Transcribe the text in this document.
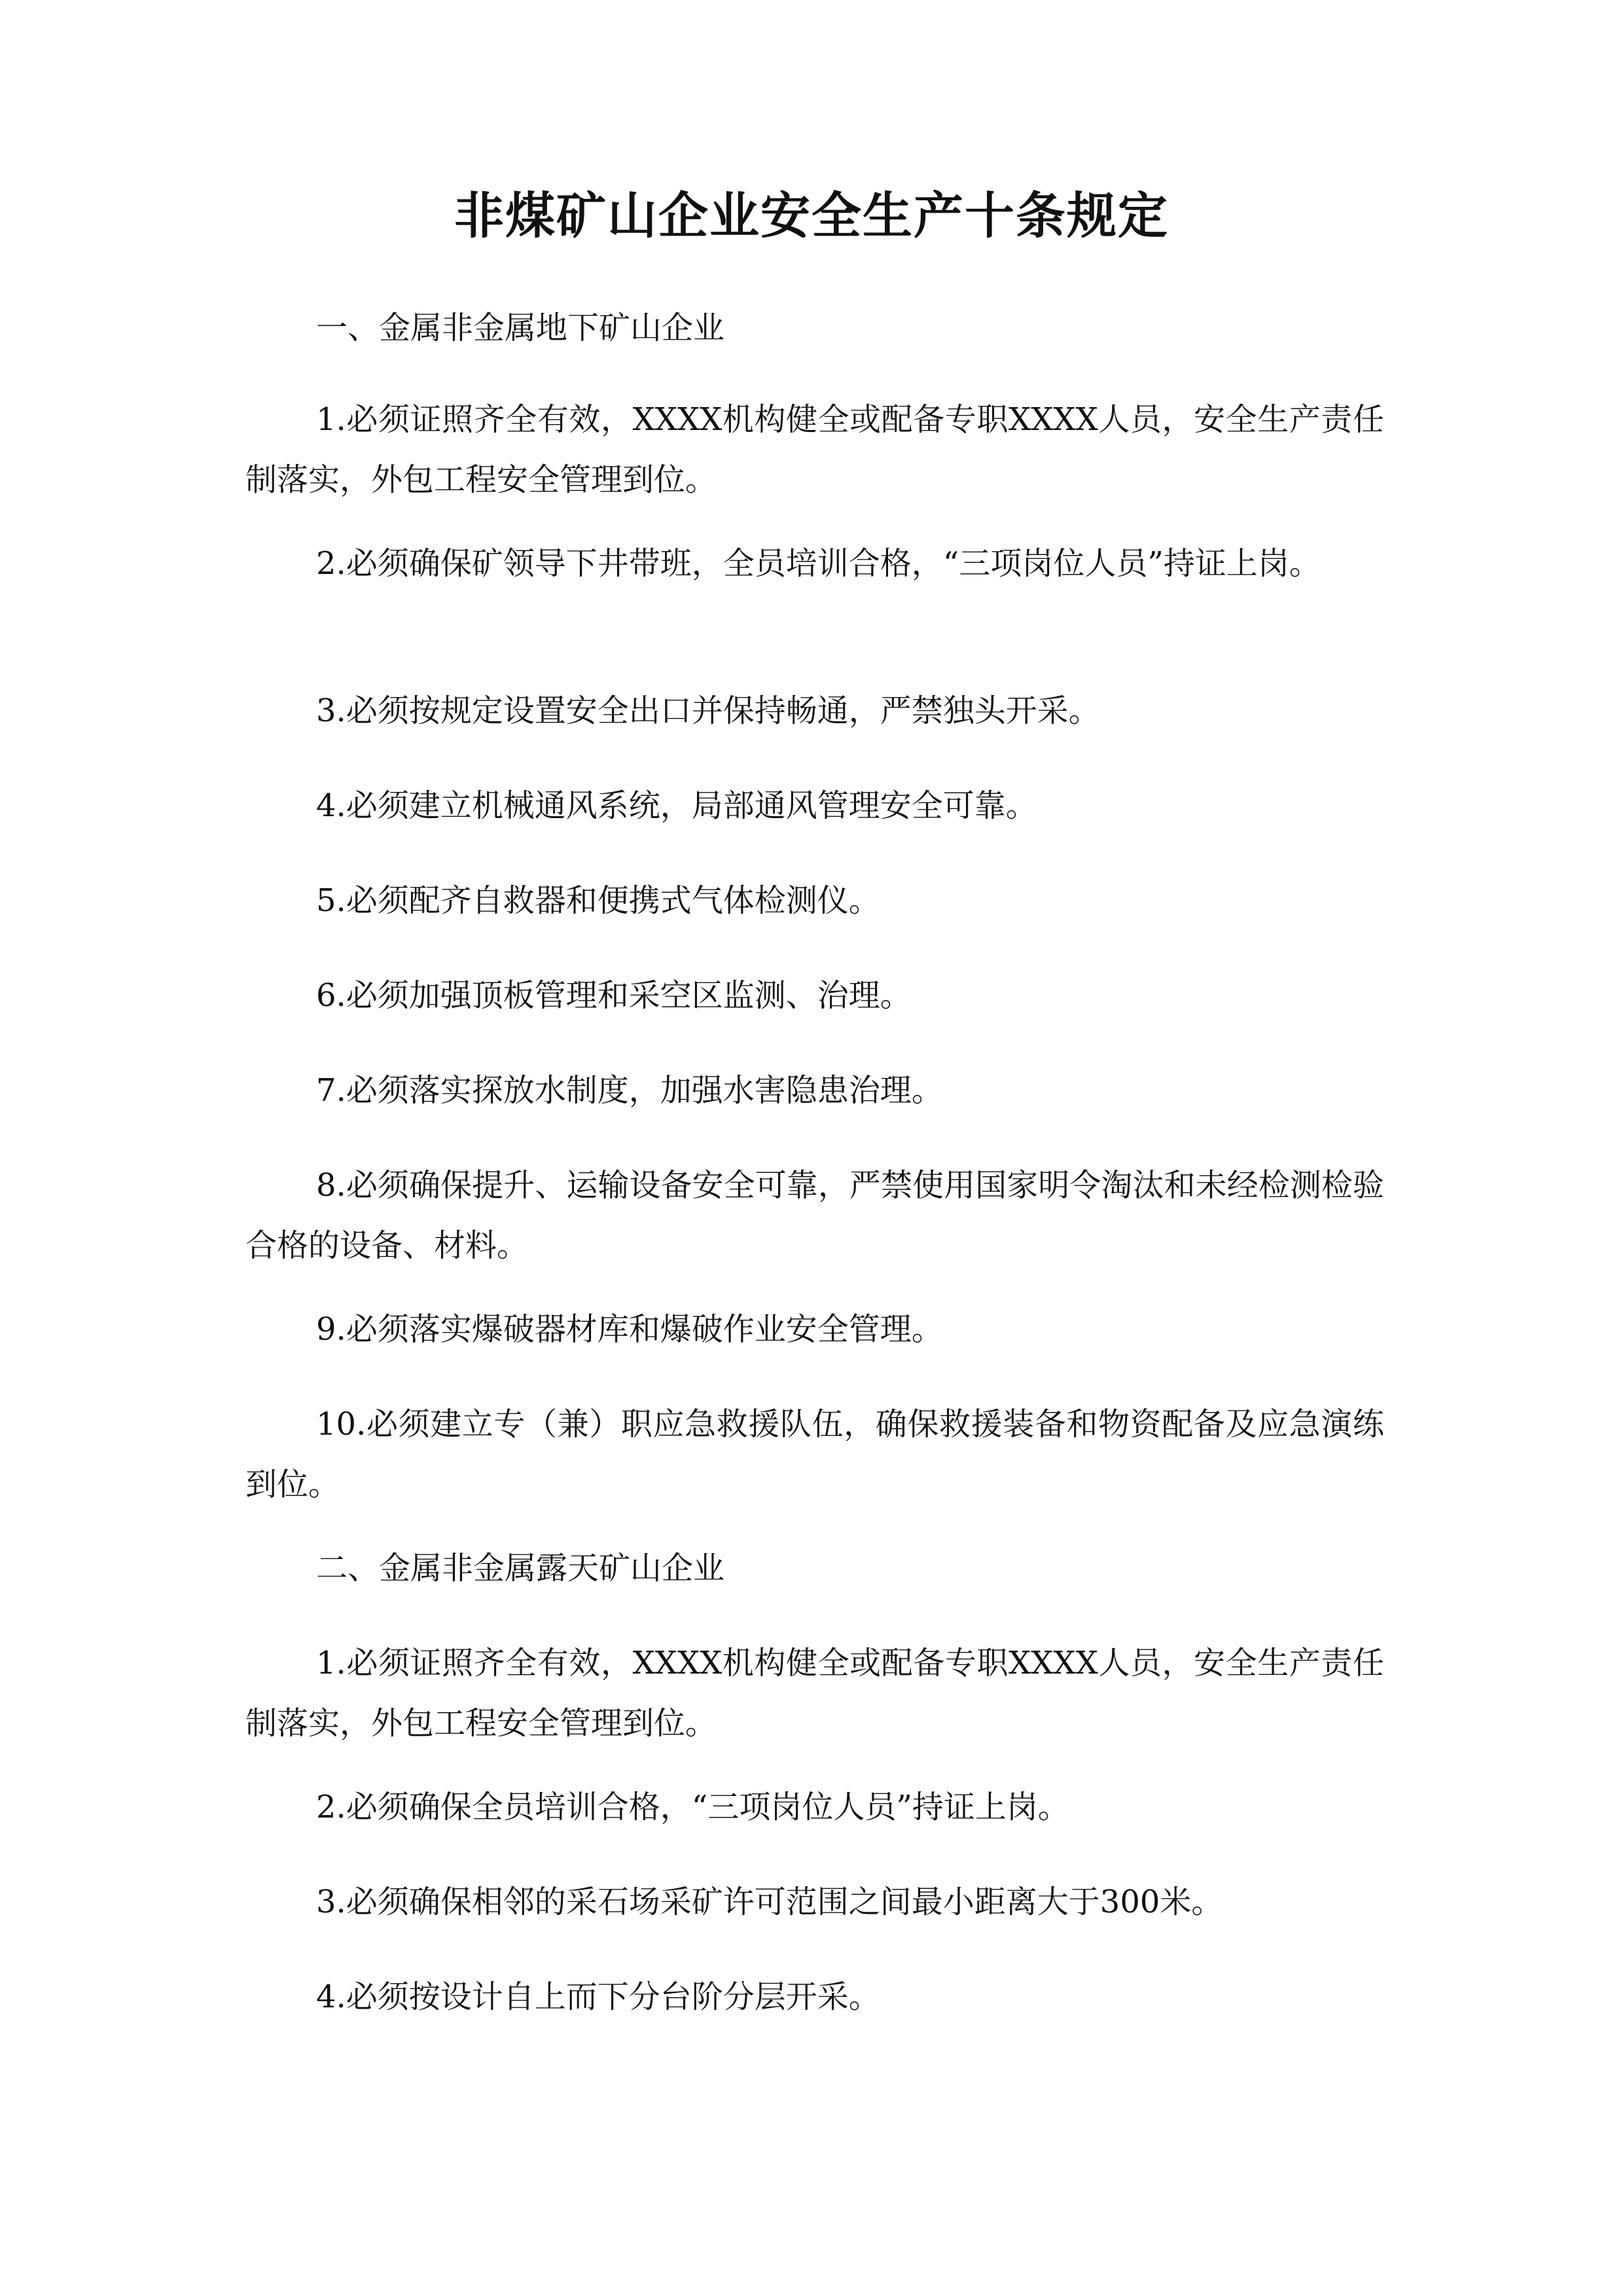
非煤矿山企业安全生产十条规定

一、金属非金属地下矿山企业

1.必须证照齐全有效，XXXX机构健全或配备专职XXXX人员，安全生产责任制落实，外包工程安全管理到位。

2.必须确保矿领导下井带班，全员培训合格，“三项岗位人员”持证上岗。

3.必须按规定设置安全出口并保持畅通，严禁独头开采。

4.必须建立机械通风系统，局部通风管理安全可靠。

5.必须配齐自救器和便携式气体检测仪。

6.必须加强顶板管理和采空区监测、治理。

7.必须落实探放水制度，加强水害隐患治理。

8.必须确保提升、运输设备安全可靠，严禁使用国家明令淘汰和未经检测检验合格的设备、材料。

9.必须落实爆破器材库和爆破作业安全管理。

10.必须建立专（兼）职应急救援队伍，确保救援装备和物资配备及应急演练到位。

二、金属非金属露天矿山企业

1.必须证照齐全有效，XXXX机构健全或配备专职XXXX人员，安全生产责任制落实，外包工程安全管理到位。

2.必须确保全员培训合格，“三项岗位人员”持证上岗。

3.必须确保相邻的采石场采矿许可范围之间最小距离大于300米。

4.必须按设计自上而下分台阶分层开采。
